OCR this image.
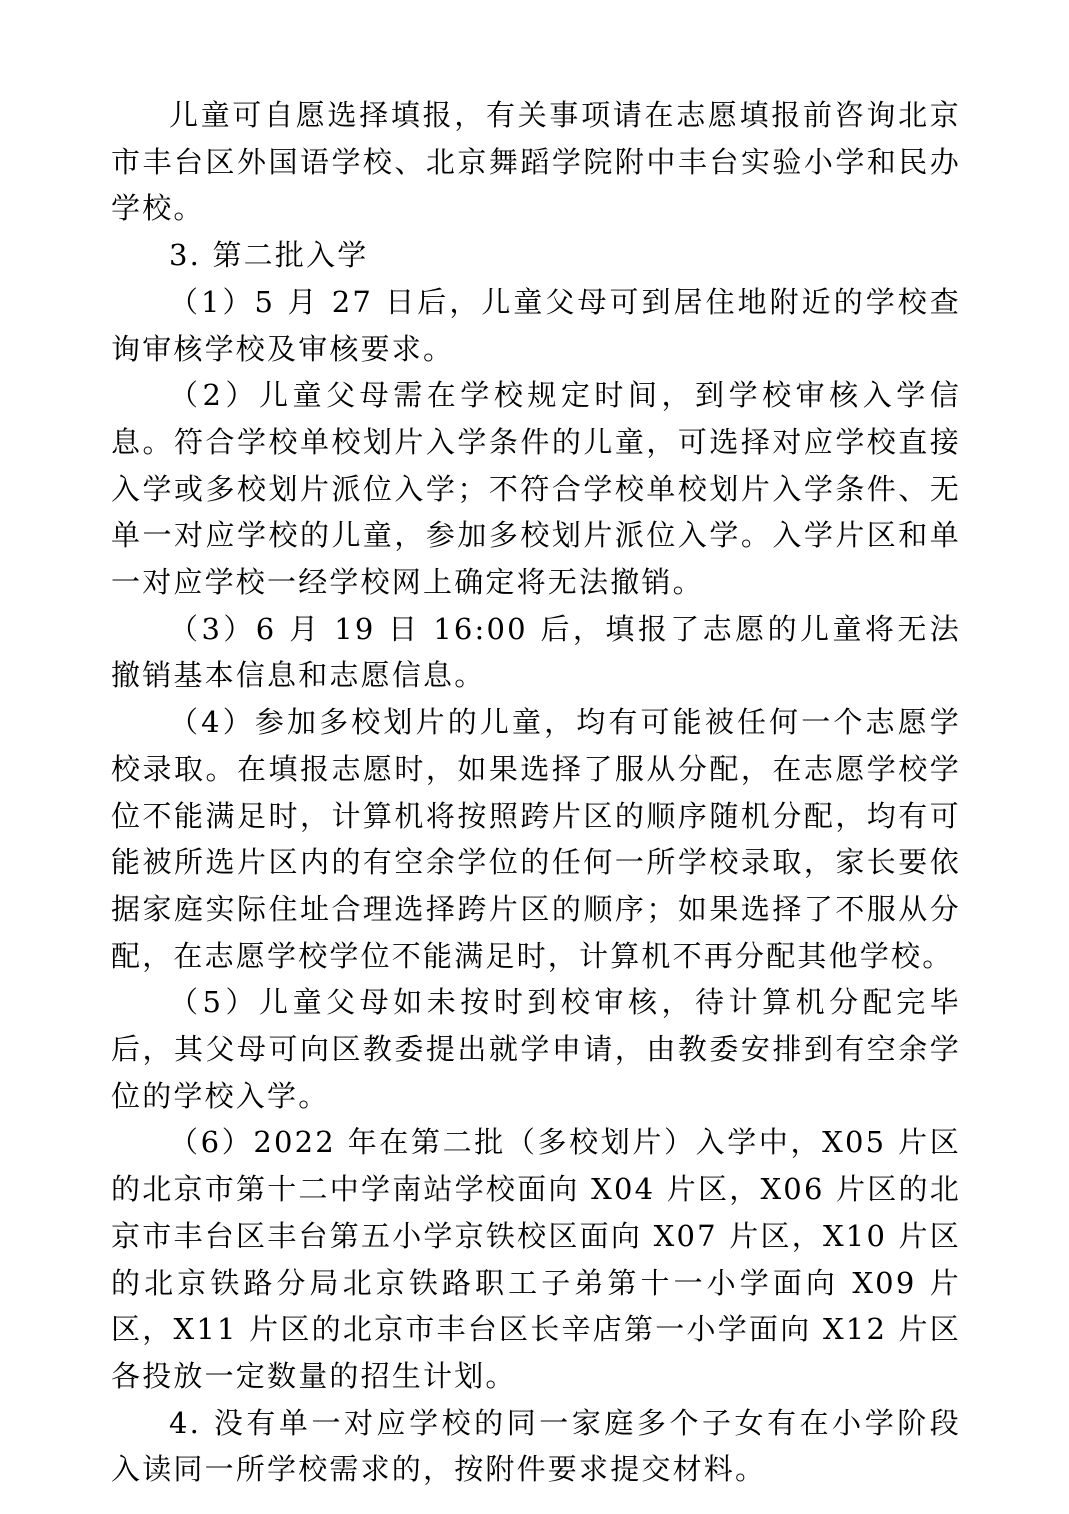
儿童可自愿选择填报，有关事项请在志愿填报前咨询北京市丰台区外国语学校、北京舞蹈学院附中丰台实验小学和民办学校。

3. 第二批入学

（1）5 月 27 日后，儿童父母可到居住地附近的学校查询审核学校及审核要求。

（2）儿童父母需在学校规定时间，到学校审核入学信息。符合学校单校划片入学条件的儿童，可选择对应学校直接入学或多校划片派位入学；不符合学校单校划片入学条件、无单一对应学校的儿童，参加多校划片派位入学。入学片区和单一对应学校一经学校网上确定将无法撤销。

（3）6 月 19 日 16:00 后，填报了志愿的儿童将无法撤销基本信息和志愿信息。

（4）参加多校划片的儿童，均有可能被任何一个志愿学校录取。在填报志愿时，如果选择了服从分配，在志愿学校学位不能满足时，计算机将按照跨片区的顺序随机分配，均有可能被所选片区内的有空余学位的任何一所学校录取，家长要依据家庭实际住址合理选择跨片区的顺序；如果选择了不服从分配，在志愿学校学位不能满足时，计算机不再分配其他学校。

（5）儿童父母如未按时到校审核，待计算机分配完毕后，其父母可向区教委提出就学申请，由教委安排到有空余学位的学校入学。

（6）2022 年在第二批（多校划片）入学中，X05 片区的北京市第十二中学南站学校面向 X04 片区，X06 片区的北京市丰台区丰台第五小学京铁校区面向 X07 片区，X10 片区的北京铁路分局北京铁路职工子弟第十一小学面向 X09 片区，X11 片区的北京市丰台区长辛店第一小学面向 X12 片区各投放一定数量的招生计划。

4. 没有单一对应学校的同一家庭多个子女有在小学阶段入读同一所学校需求的，按附件要求提交材料。
